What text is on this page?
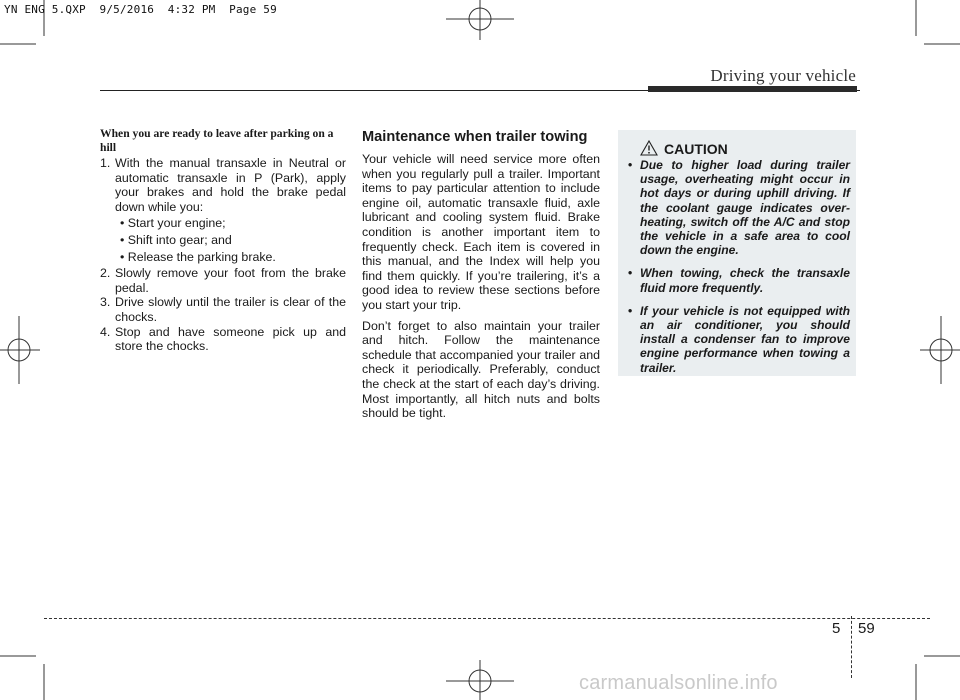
YN ENG 5.QXP  9/5/2016  4:32 PM  Page 59
Driving your vehicle
When you are ready to leave after parking on a hill
1. With the manual transaxle in Neutral or automatic transaxle in P (Park), apply your brakes and hold the brake pedal down while you:
• Start your engine;
• Shift into gear; and
• Release the parking brake.
2. Slowly remove your foot from the brake pedal.
3. Drive slowly until the trailer is clear of the chocks.
4. Stop and have someone pick up and store the chocks.
Maintenance when trailer towing

Your vehicle will need service more often when you regularly pull a trailer. Important items to pay particular attention to include engine oil, automatic transaxle fluid, axle lubricant and cooling system fluid. Brake condition is another important item to frequently check. Each item is covered in this manual, and the Index will help you find them quickly. If you’re trailering, it’s a good idea to review these sections before you start your trip.

Don’t forget to also maintain your trailer and hitch. Follow the maintenance schedule that accompanied your trailer and check it periodically. Preferably, conduct the check at the start of each day’s driving. Most importantly, all hitch nuts and bolts should be tight.

CAUTION
• Due to higher load during trailer usage, overheating might occur in hot days or during uphill driving. If the coolant gauge indicates over-heating, switch off the A/C and stop the vehicle in a safe area to cool down the engine.
• When towing, check the transaxle fluid more frequently.
• If your vehicle is not equipped with an air conditioner, you should install a condenser fan to improve engine performance when towing a trailer.
5 59
carmanualsonline.info
